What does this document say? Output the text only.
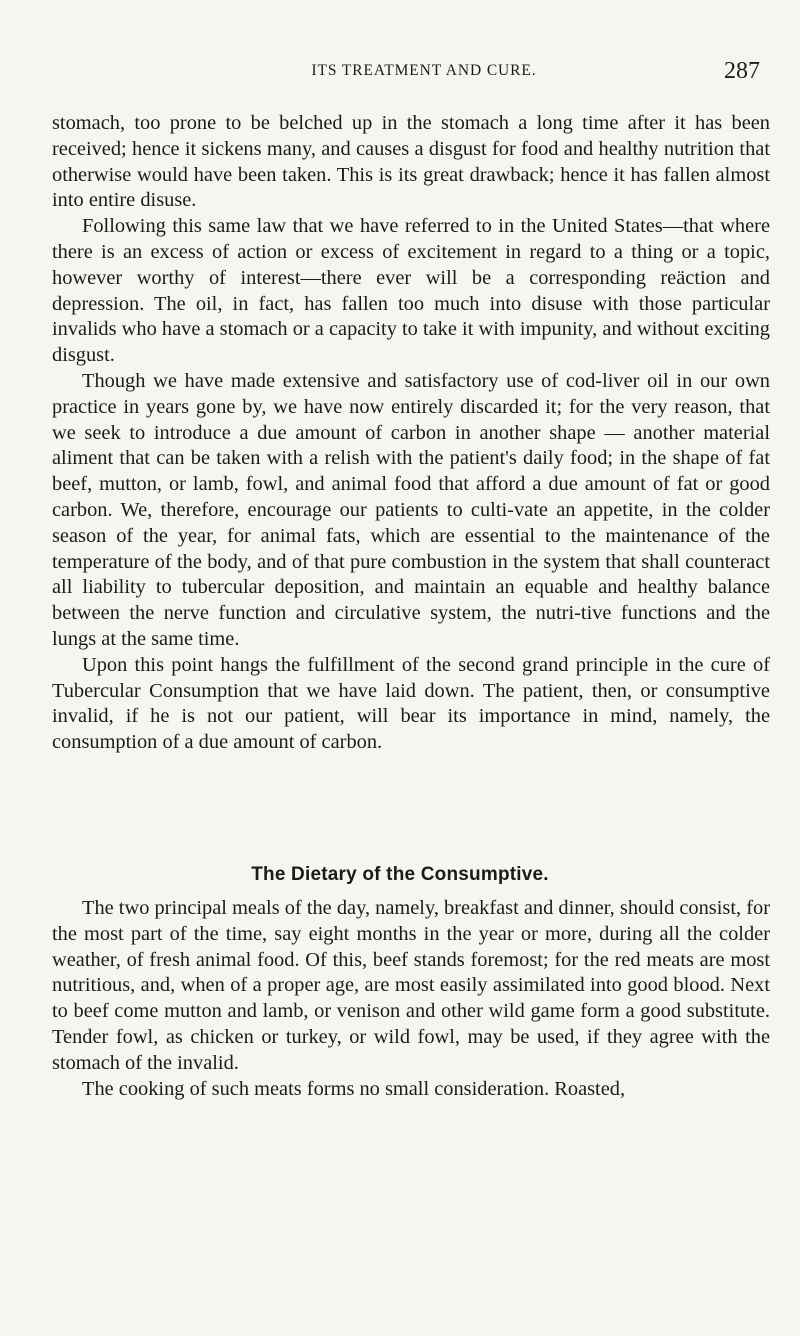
ITS TREATMENT AND CURE.	287

stomach, too prone to be belched up in the stomach a long time after it has been received; hence it sickens many, and causes a disgust for food and healthy nutrition that otherwise would have been taken. This is its great drawback; hence it has fallen almost into entire disuse.

Following this same law that we have referred to in the United States—that where there is an excess of action or excess of excitement in regard to a thing or a topic, however worthy of interest—there ever will be a corresponding reäction and depression. The oil, in fact, has fallen too much into disuse with those particular invalids who have a stomach or a capacity to take it with impunity, and without exciting disgust.

Though we have made extensive and satisfactory use of cod-liver oil in our own practice in years gone by, we have now entirely discarded it; for the very reason, that we seek to introduce a due amount of carbon in another shape — another material aliment that can be taken with a relish with the patient's daily food; in the shape of fat beef, mutton, or lamb, fowl, and animal food that afford a due amount of fat or good carbon. We, therefore, encourage our patients to culti-vate an appetite, in the colder season of the year, for animal fats, which are essential to the maintenance of the temperature of the body, and of that pure combustion in the system that shall counteract all liability to tubercular deposition, and maintain an equable and healthy balance between the nerve function and circulative system, the nutri-tive functions and the lungs at the same time.

Upon this point hangs the fulfillment of the second grand principle in the cure of Tubercular Consumption that we have laid down. The patient, then, or consumptive invalid, if he is not our patient, will bear its importance in mind, namely, the consumption of a due amount of carbon.

The Dietary of the Consumptive.

The two principal meals of the day, namely, breakfast and dinner, should consist, for the most part of the time, say eight months in the year or more, during all the colder weather, of fresh animal food. Of this, beef stands foremost; for the red meats are most nutritious, and, when of a proper age, are most easily assimilated into good blood. Next to beef come mutton and lamb, or venison and other wild game form a good substitute. Tender fowl, as chicken or turkey, or wild fowl, may be used, if they agree with the stomach of the invalid.

The cooking of such meats forms no small consideration. Roasted,
